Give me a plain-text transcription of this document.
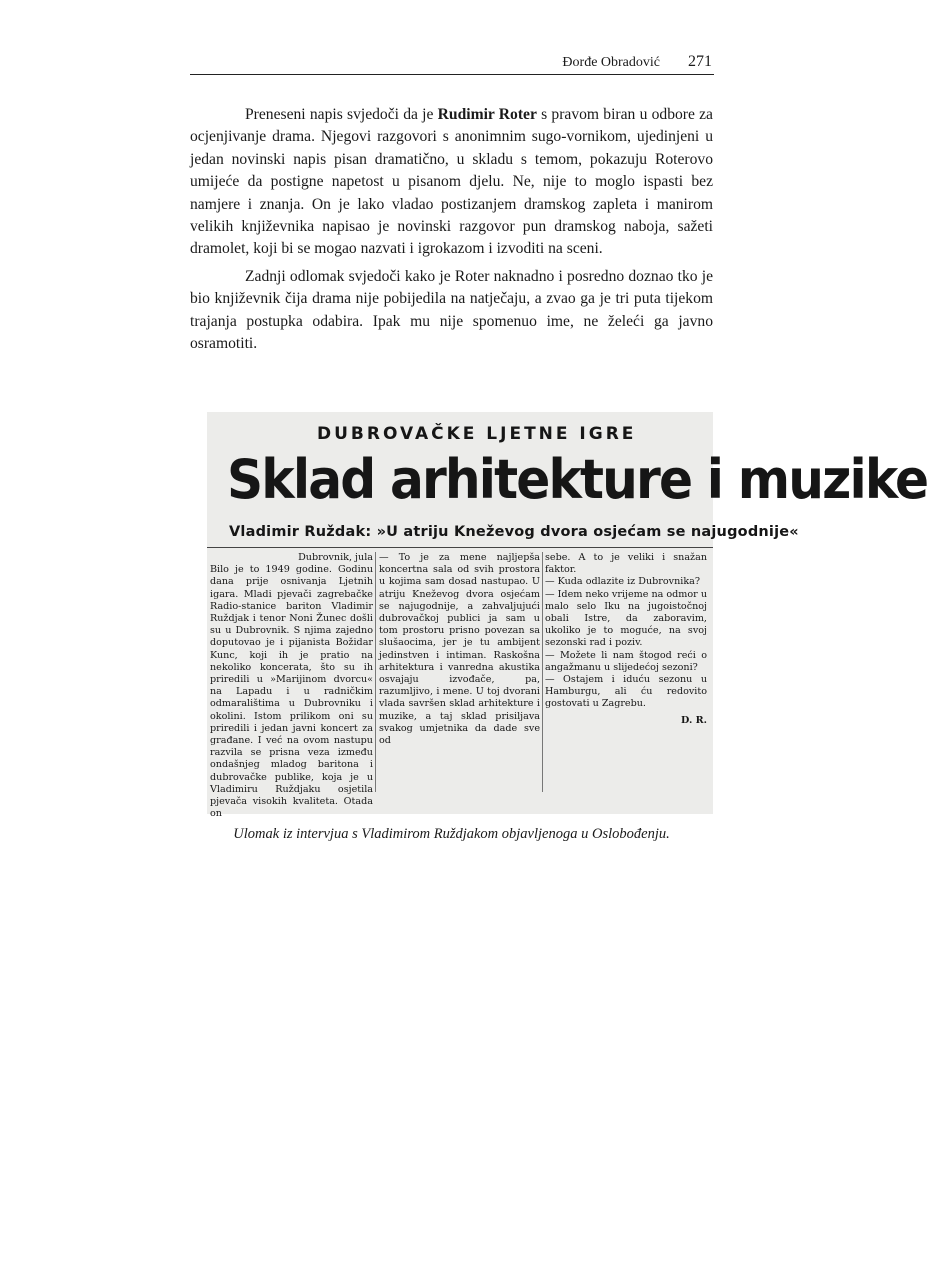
Đorđe Obradović 271

Preneseni napis svjedoči da je Rudimir Roter s pravom biran u odbore za ocjenjivanje drama. Njegovi razgovori s anonimnim sugo-vornikom, ujedinjeni u jedan novinski napis pisan dramatično, u skladu s temom, pokazuju Roterovo umijeće da postigne napetost u pisanom djelu. Ne, nije to moglo ispasti bez namjere i znanja. On je lako vladao postizanjem dramskog zapleta i manirom velikih književnika napisao je novinski razgovor pun dramskog naboja, sažeti dramolet, koji bi se mogao nazvati i igrokazom i izvoditi na sceni.

Zadnji odlomak svjedoči kako je Roter naknadno i posredno doznao tko je bio književnik čija drama nije pobijedila na natječaju, a zvao ga je tri puta tijekom trajanja postupka odabira. Ipak mu nije spomenuo ime, ne želeći ga javno osramotiti.

DUBROVAČKE LJETNE IGRE
Sklad arhitekture i muzike
Vladimir Ruždak: »U atriju Kneževog dvora osjećam se najugodnije«
Dubrovnik, jula

Bilo je to 1949 godine. Godinu dana prije osnivanja Ljetnih igara. Mladi pjevači zagrebačke Radio-stanice bariton Vladimir Ruždjak i tenor Noni Žunec došli su u Dubrovnik. S njima zajedno doputovao je i pijanista Božidar Kunc, koji ih je pratio na nekoliko koncerata, što su ih priredili u »Marijinom dvorcu« na Lapadu i u radničkim odmaralištima u Dubrovniku i okolini. Istom prilikom oni su priredili i jedan javni koncert za građane. I već na ovom nastupu razvila se prisna veza između ondašnjeg mladog baritona i dubrovačke publike, koja je u Vladimiru Ruždjaku osjetila pjevača visokih kvaliteta. Otada on

— To je za mene najljepša koncertna sala od svih prostora u kojima sam dosad nastupao. U atriju Kneževog dvora osjećam se najugodnije, a zahvaljujući dubrovačkoj publici ja sam u tom prostoru prisno povezan sa slušaocima, jer je tu ambijent jedinstven i intiman. Raskošna arhitektura i vanredna akustika osvajaju izvođače, pa, razumljivo, i mene. U toj dvorani vlada savršen sklad arhitekture i muzike, a taj sklad prisiljava svakog umjetnika da dade sve od

sebe. A to je veliki i snažan faktor.
— Kuda odlazite iz Dubrovnika?
— Idem neko vrijeme na odmor u malo selo Iku na jugoistočnoj obali Istre, da zaboravim, ukoliko je to moguće, na svoj sezonski rad i poziv.
— Možete li nam štogod reći o angažmanu u slijedećoj sezoni?
— Ostajem i iduću sezonu u Hamburgu, ali ću redovito gostovati u Zagrebu.

D. R.
Ulomak iz intervjua s Vladimirom Ruždjakom objavljenoga u Oslobođenju.
